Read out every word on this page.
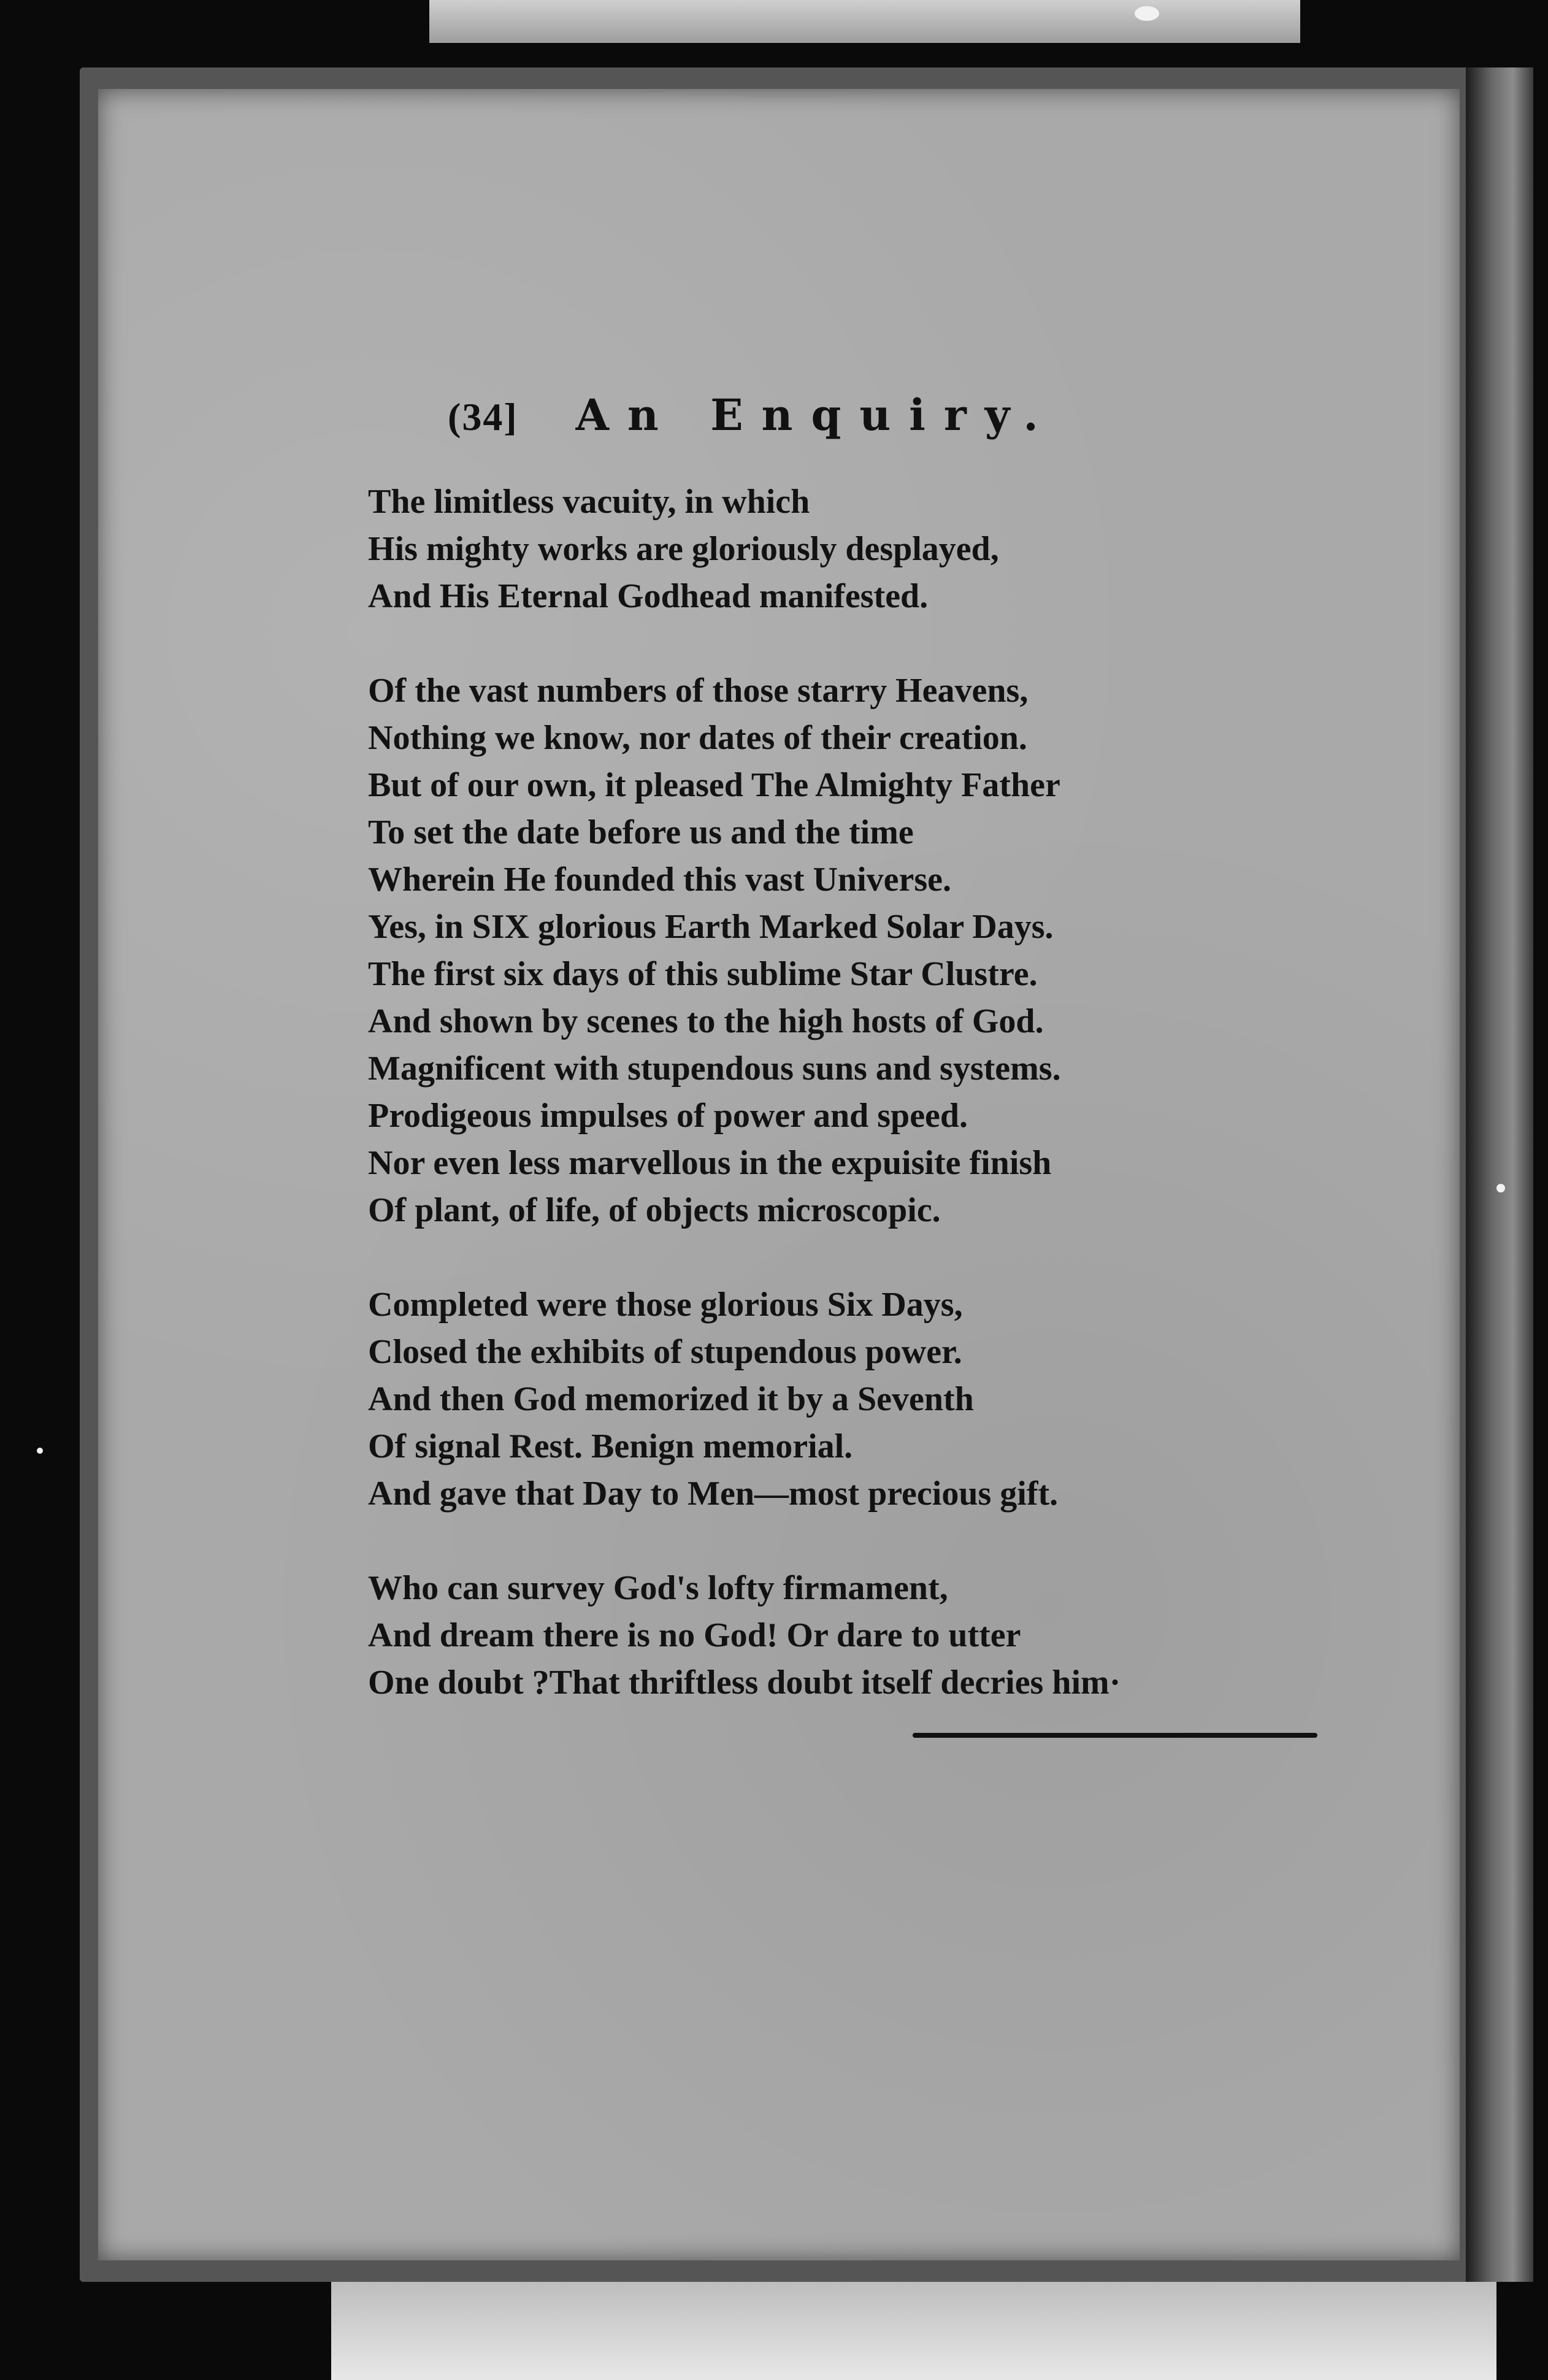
(34] An Enquiry.
The limitless vacuity, in which
His mighty works are gloriously desplayed,
And His Eternal Godhead manifested.
Of the vast numbers of those starry Heavens,
Nothing we know, nor dates of their creation.
But of our own, it pleased The Almighty Father
To set the date before us and the time
Wherein He founded this vast Universe.
Yes, in SIX glorious Earth Marked Solar Days.
The first six days of this sublime Star Clustre.
And shown by scenes to the high hosts of God.
Magnificent with stupendous suns and systems.
Prodigeous impulses of power and speed.
Nor even less marvellous in the expuisite finish
Of plant, of life, of objects microscopic.
Completed were those glorious Six Days,
Closed the exhibits of stupendous power.
And then God memorized it by a Seventh
Of signal Rest. Benign memorial.
And gave that Day to Men—most precious gift.
Who can survey God's lofty firmament,
And dream there is no God! Or dare to utter
One doubt ?That thriftless doubt itself decries him·
